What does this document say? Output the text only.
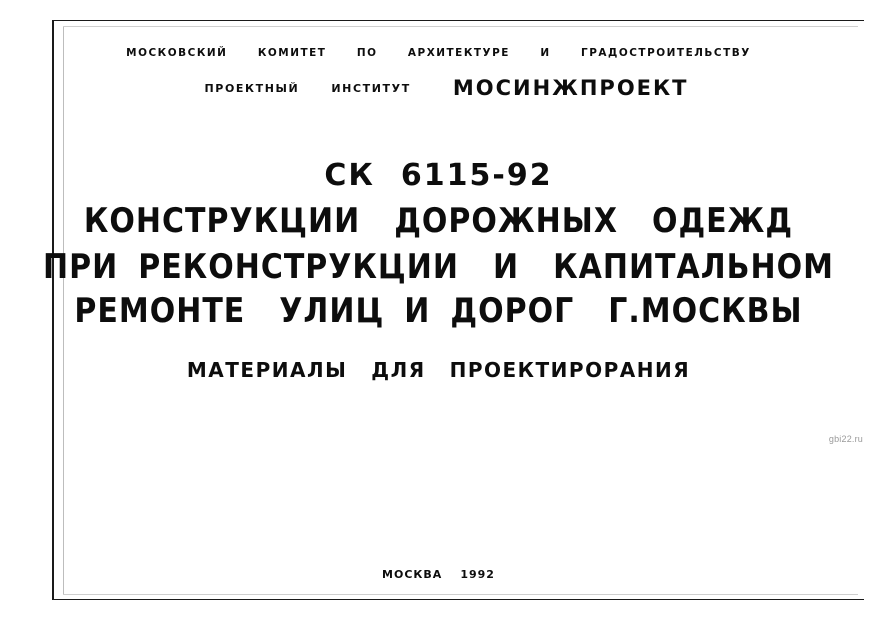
МОСКОВСКИЙ	КОМИТЕТ	ПО	АРХИТЕКТУРЕ	И	ГРАДОСТРОИТЕЛЬСТВУ
ПРОЕКТНЫЙ	ИНСТИТУТ МОСИНЖПРОЕКТ
СК 6115-92
КОНСТРУКЦИИ ДОРОЖНЫХ ОДЕЖД
ПРИ РЕКОНСТРУКЦИИ И КАПИТАЛЬНОМ
РЕМОНТЕ УЛИЦ И ДОРОГ Г.МОСКВЫ
МАТЕРИАЛЫ ДЛЯ ПРОЕКТИРОРАНИЯ
МОСКВА 1992
gbi22.ru
